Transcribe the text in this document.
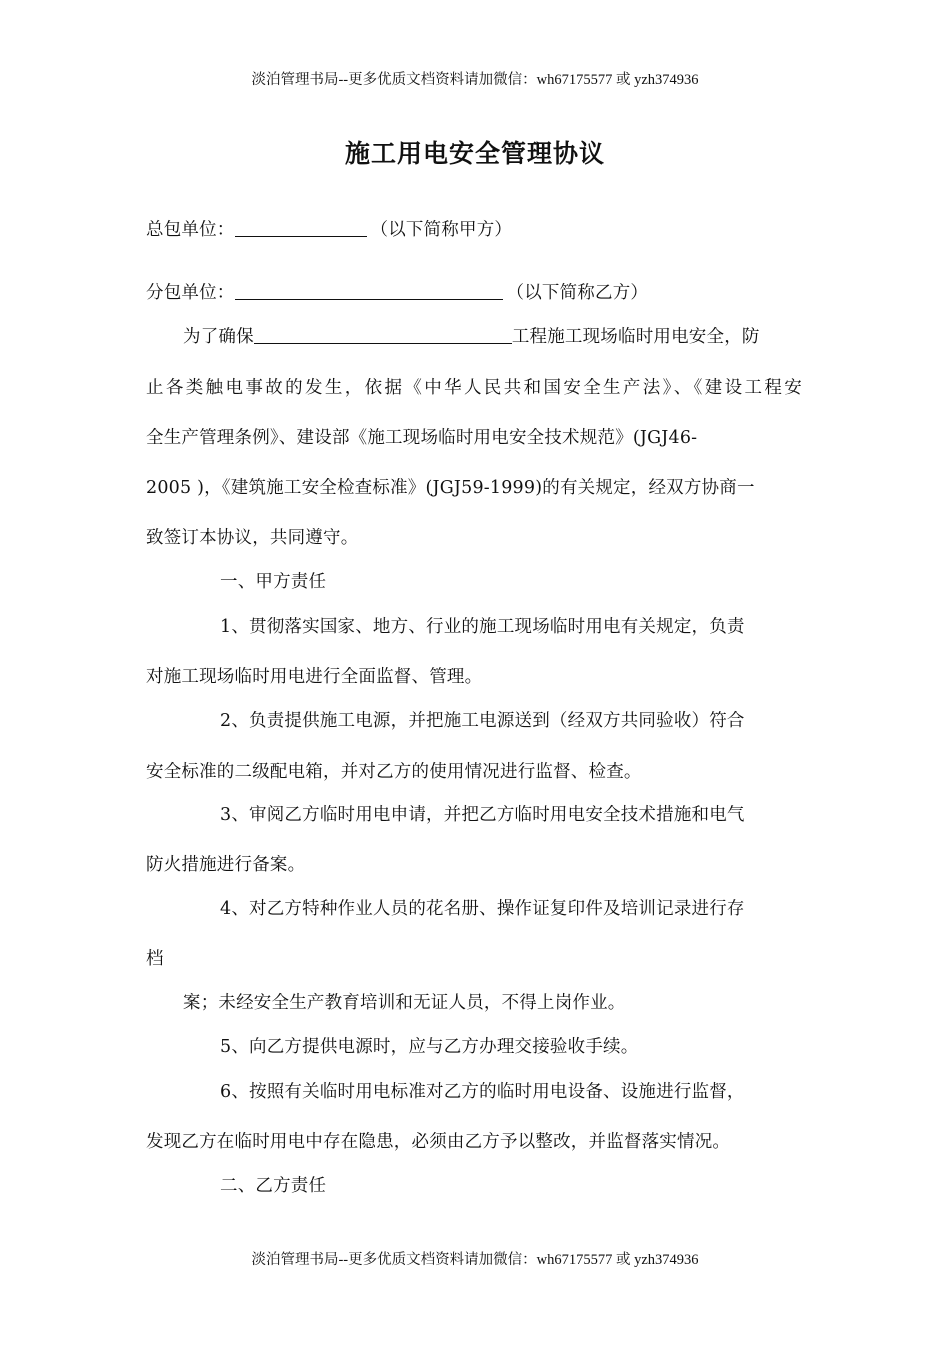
淡泊管理书局--更多优质文档资料请加微信：wh67175577 或 yzh374936
施工用电安全管理协议
总包单位：	（以下简称甲方）
分包单位：	（以下简称乙方）
为了确保	工程施工现场临时用电安全，防
止各类触电事故的发生，依据《中华人民共和国安全生产法》、《建设工程安
全生产管理条例》、建设部《施工现场临时用电安全技术规范》(JGJ46-
2005 )，《建筑施工安全检查标准》(JGJ59-1999)的有关规定，经双方协商一
致签订本协议，共同遵守。
一、甲方责任
1、贯彻落实国家、地方、行业的施工现场临时用电有关规定，负责
对施工现场临时用电进行全面监督、管理。
2、负责提供施工电源，并把施工电源送到（经双方共同验收）符合
安全标准的二级配电箱，并对乙方的使用情况进行监督、检查。
3、审阅乙方临时用电申请，并把乙方临时用电安全技术措施和电气
防火措施进行备案。
4、对乙方特种作业人员的花名册、操作证复印件及培训记录进行存
档
案；未经安全生产教育培训和无证人员，不得上岗作业。
5、向乙方提供电源时，应与乙方办理交接验收手续。
6、按照有关临时用电标准对乙方的临时用电设备、设施进行监督，
发现乙方在临时用电中存在隐患，必须由乙方予以整改，并监督落实情况。
二、乙方责任
淡泊管理书局--更多优质文档资料请加微信：wh67175577 或 yzh374936
